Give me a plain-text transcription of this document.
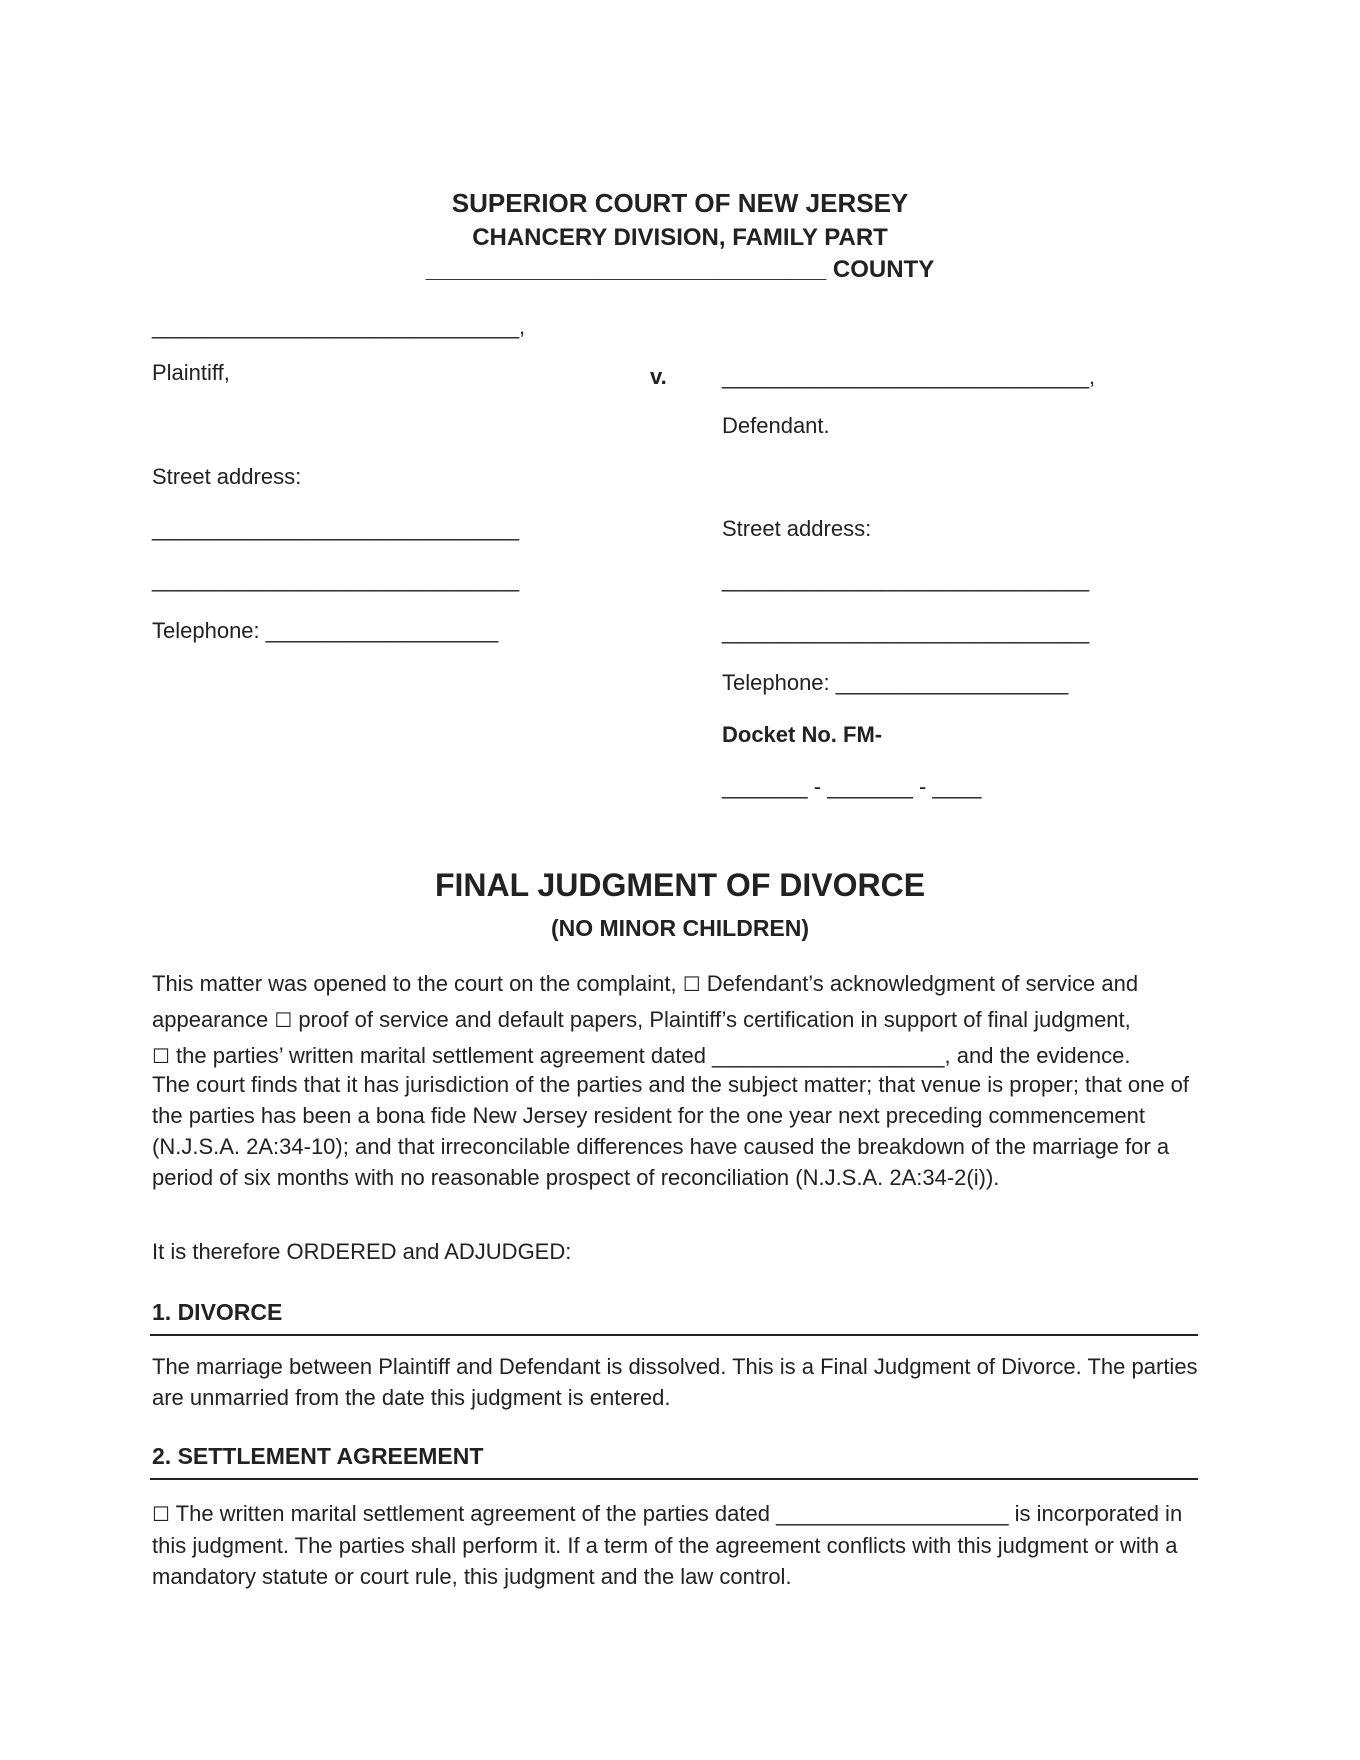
SUPERIOR COURT OF NEW JERSEY
CHANCERY DIVISION, FAMILY PART
______________________________ COUNTY
______________________________,
Plaintiff,
Street address:
______________________________
______________________________
Telephone: ___________________
v.	______________________________,
Defendant.
Street address:
______________________________
______________________________
Telephone: ___________________
Docket No. FM-
_______ - _______ - ____
FINAL JUDGMENT OF DIVORCE
(NO MINOR CHILDREN)
This matter was opened to the court on the complaint, ☐ Defendant’s acknowledgment of service and
appearance ☐ proof of service and default papers, Plaintiff’s certification in support of final judgment,
☐ the parties’ written marital settlement agreement dated ___________________, and the evidence.
The court finds that it has jurisdiction of the parties and the subject matter; that venue is proper; that one of the parties has been a bona fide New Jersey resident for the one year next preceding commencement (N.J.S.A. 2A:34-10); and that irreconcilable differences have caused the breakdown of the marriage for a period of six months with no reasonable prospect of reconciliation (N.J.S.A. 2A:34-2(i)).
It is therefore ORDERED and ADJUDGED:
1. DIVORCE
The marriage between Plaintiff and Defendant is dissolved. This is a Final Judgment of Divorce. The parties are unmarried from the date this judgment is entered.
2. SETTLEMENT AGREEMENT
☐ The written marital settlement agreement of the parties dated ___________________ is incorporated in this judgment. The parties shall perform it. If a term of the agreement conflicts with this judgment or with a mandatory statute or court rule, this judgment and the law control.
